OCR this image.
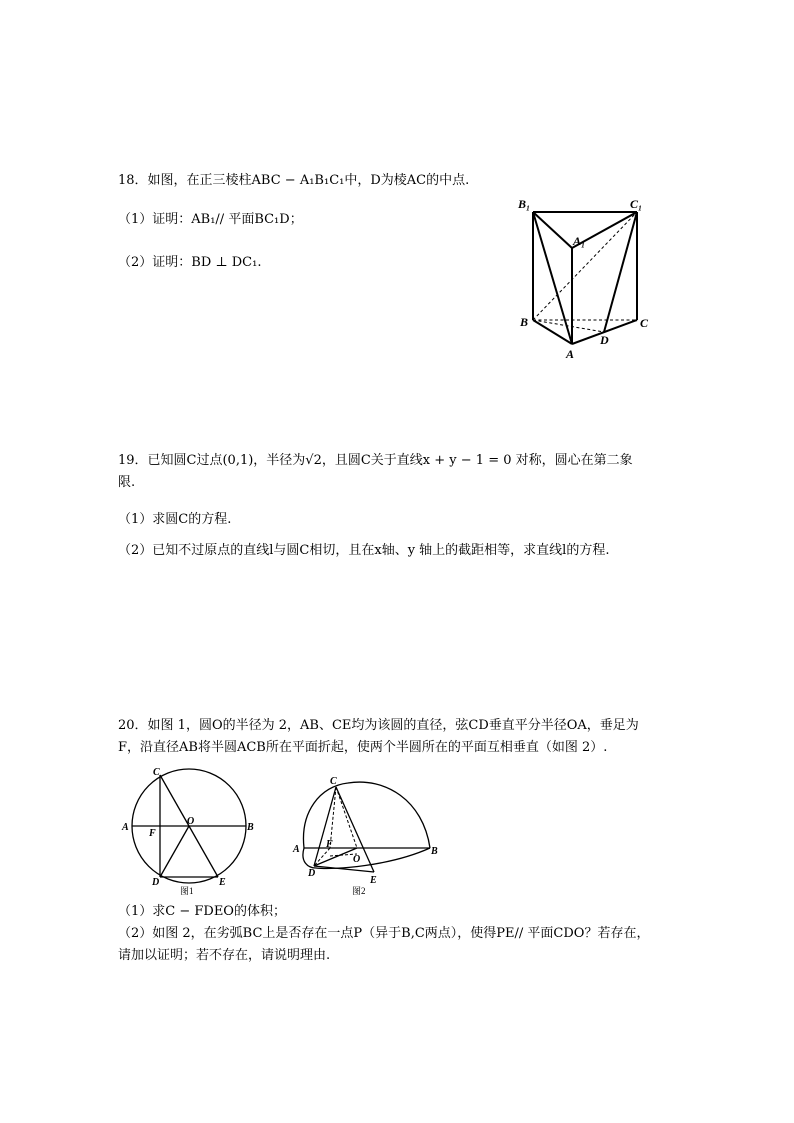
18．如图，在正三棱柱ABC − A₁B₁C₁中，D为棱AC的中点.
（1）证明：AB₁// 平面BC₁D；
（2）证明：BD ⊥ DC₁.
B₁	C₁
A₁
B	C
D
A
19．已知圆C过点(0,1)，半径为√2，且圆C关于直线x + y − 1 = 0 对称，圆心在第二象
限.
（1）求圆C的方程.
（2）已知不过原点的直线l与圆C相切，且在x轴、y 轴上的截距相等，求直线l的方程.
20．如图 1，圆O的半径为 2，AB、CE均为该圆的直径，弦CD垂直平分半径OA，垂足为
F，沿直径AB将半圆ACB所在平面折起，使两个半圆所在的平面互相垂直（如图 2）.
C
A
F
O
B
D	E
图1
C
A	F
O
B
D
E
图2
（1）求C − FDEO的体积；
（2）如图 2，在劣弧BC上是否存在一点P（异于B,C两点），使得PE// 平面CDO？若存在，
请加以证明；若不存在，请说明理由.
